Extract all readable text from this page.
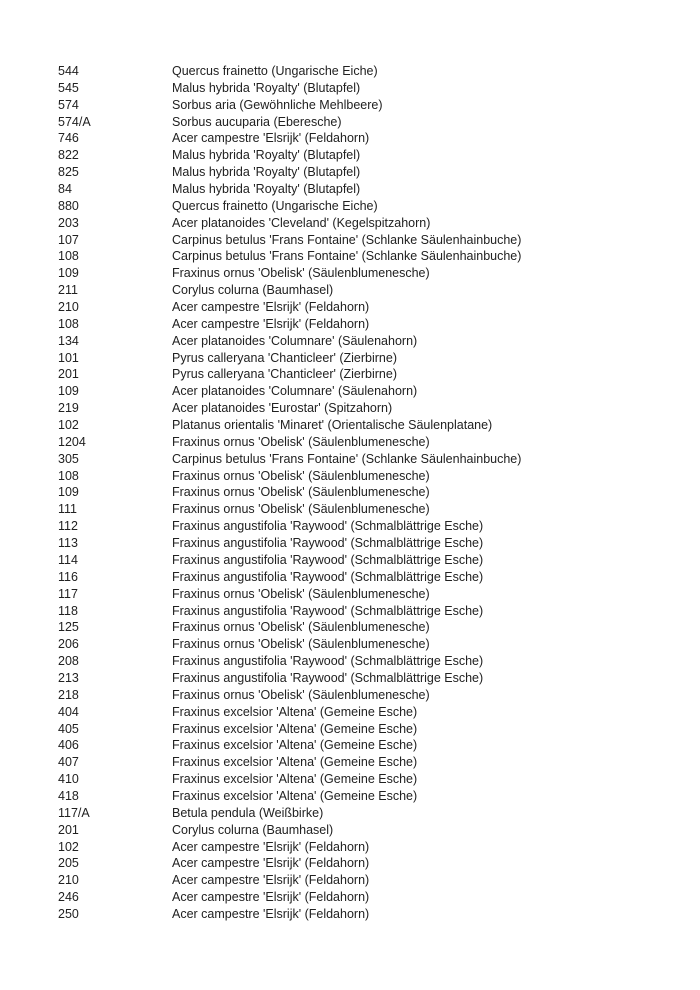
544	Quercus frainetto (Ungarische Eiche)
545	Malus hybrida 'Royalty' (Blutapfel)
574	Sorbus aria (Gewöhnliche Mehlbeere)
574/A	Sorbus aucuparia (Eberesche)
746	Acer campestre 'Elsrijk' (Feldahorn)
822	Malus hybrida 'Royalty' (Blutapfel)
825	Malus hybrida 'Royalty' (Blutapfel)
84	Malus hybrida 'Royalty' (Blutapfel)
880	Quercus frainetto (Ungarische Eiche)
203	Acer platanoides 'Cleveland' (Kegelspitzahorn)
107	Carpinus betulus 'Frans Fontaine' (Schlanke Säulenhainbuche)
108	Carpinus betulus 'Frans Fontaine' (Schlanke Säulenhainbuche)
109	Fraxinus ornus 'Obelisk' (Säulenblumenesche)
211	Corylus colurna (Baumhasel)
210	Acer campestre 'Elsrijk' (Feldahorn)
108	Acer campestre 'Elsrijk' (Feldahorn)
134	Acer platanoides 'Columnare' (Säulenahorn)
101	Pyrus calleryana 'Chanticleer' (Zierbirne)
201	Pyrus calleryana 'Chanticleer' (Zierbirne)
109	Acer platanoides 'Columnare' (Säulenahorn)
219	Acer platanoides 'Eurostar' (Spitzahorn)
102	Platanus orientalis 'Minaret' (Orientalische Säulenplatane)
1204	Fraxinus ornus 'Obelisk' (Säulenblumenesche)
305	Carpinus betulus 'Frans Fontaine' (Schlanke Säulenhainbuche)
108	Fraxinus ornus 'Obelisk' (Säulenblumenesche)
109	Fraxinus ornus 'Obelisk' (Säulenblumenesche)
111	Fraxinus ornus 'Obelisk' (Säulenblumenesche)
112	Fraxinus angustifolia 'Raywood' (Schmalblättrige Esche)
113	Fraxinus angustifolia 'Raywood' (Schmalblättrige Esche)
114	Fraxinus angustifolia 'Raywood' (Schmalblättrige Esche)
116	Fraxinus angustifolia 'Raywood' (Schmalblättrige Esche)
117	Fraxinus ornus 'Obelisk' (Säulenblumenesche)
118	Fraxinus angustifolia 'Raywood' (Schmalblättrige Esche)
125	Fraxinus ornus 'Obelisk' (Säulenblumenesche)
206	Fraxinus ornus 'Obelisk' (Säulenblumenesche)
208	Fraxinus angustifolia 'Raywood' (Schmalblättrige Esche)
213	Fraxinus angustifolia 'Raywood' (Schmalblättrige Esche)
218	Fraxinus ornus 'Obelisk' (Säulenblumenesche)
404	Fraxinus excelsior 'Altena' (Gemeine Esche)
405	Fraxinus excelsior 'Altena' (Gemeine Esche)
406	Fraxinus excelsior 'Altena' (Gemeine Esche)
407	Fraxinus excelsior 'Altena' (Gemeine Esche)
410	Fraxinus excelsior 'Altena' (Gemeine Esche)
418	Fraxinus excelsior 'Altena' (Gemeine Esche)
117/A	Betula pendula (Weißbirke)
201	Corylus colurna (Baumhasel)
102	Acer campestre 'Elsrijk' (Feldahorn)
205	Acer campestre 'Elsrijk' (Feldahorn)
210	Acer campestre 'Elsrijk' (Feldahorn)
246	Acer campestre 'Elsrijk' (Feldahorn)
250	Acer campestre 'Elsrijk' (Feldahorn)
